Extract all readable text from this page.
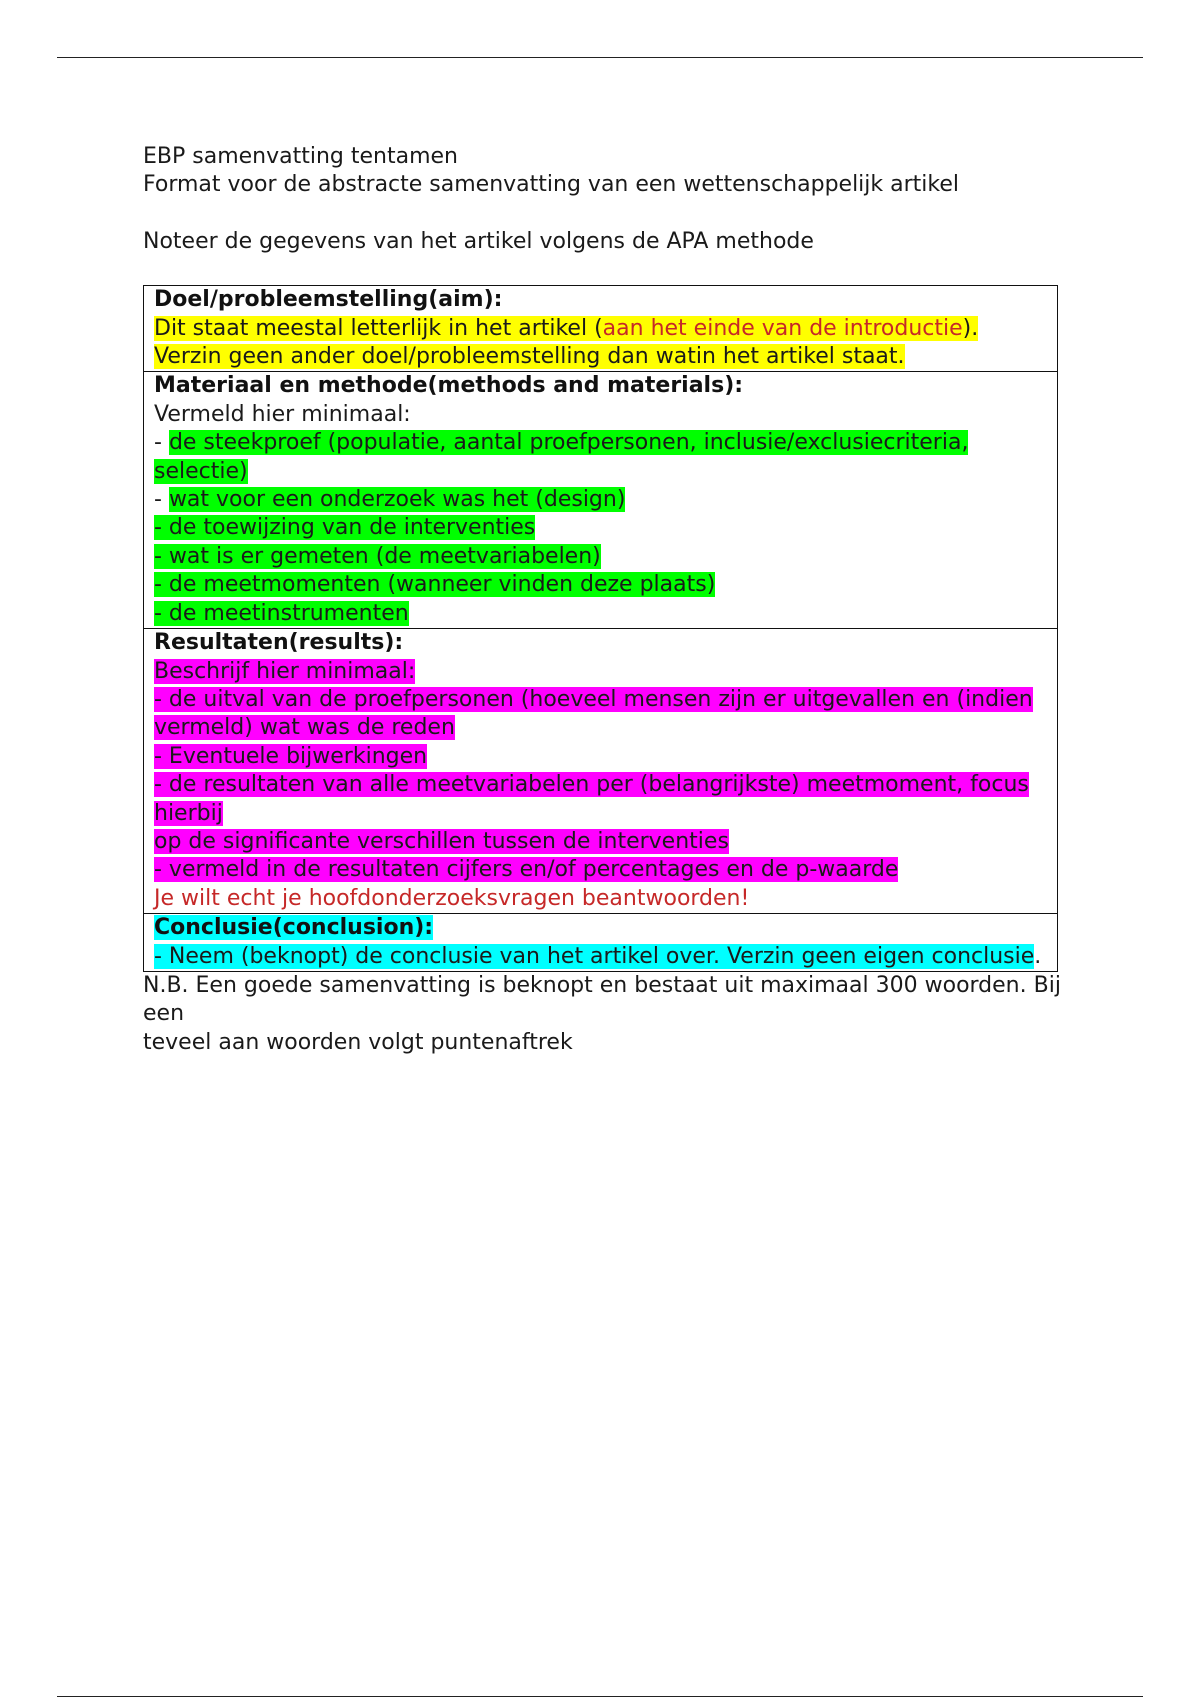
EBP samenvatting tentamen

Format voor de abstracte samenvatting van een wettenschappelijk artikel

Noteer de gegevens van het artikel volgens de APA methode

Doel/probleemstelling(aim):
Dit staat meestal letterlijk in het artikel (aan het einde van de introductie). Verzin geen ander doel/probleemstelling dan watin het artikel staat.

Materiaal en methode(methods and materials):
Vermeld hier minimaal:
- de steekproef (populatie, aantal proefpersonen, inclusie/exclusiecriteria, selectie)
- wat voor een onderzoek was het (design)
- de toewijzing van de interventies
- wat is er gemeten (de meetvariabelen)
- de meetmomenten (wanneer vinden deze plaats)
- de meetinstrumenten

Resultaten(results):
Beschrijf hier minimaal:
- de uitval van de proefpersonen (hoeveel mensen zijn er uitgevallen en (indien
vermeld) wat was de reden
- Eventuele bijwerkingen
- de resultaten van alle meetvariabelen per (belangrijkste) meetmoment, focus hierbij
op de significante verschillen tussen de interventies
- vermeld in de resultaten cijfers en/of percentages en de p-waarde
Je wilt echt je hoofdonderzoeksvragen beantwoorden!

Conclusie(conclusion):
- Neem (beknopt) de conclusie van het artikel over. Verzin geen eigen conclusie.
N.B. Een goede samenvatting is beknopt en bestaat uit maximaal 300 woorden. Bij een
teveel aan woorden volgt puntenaftrek
